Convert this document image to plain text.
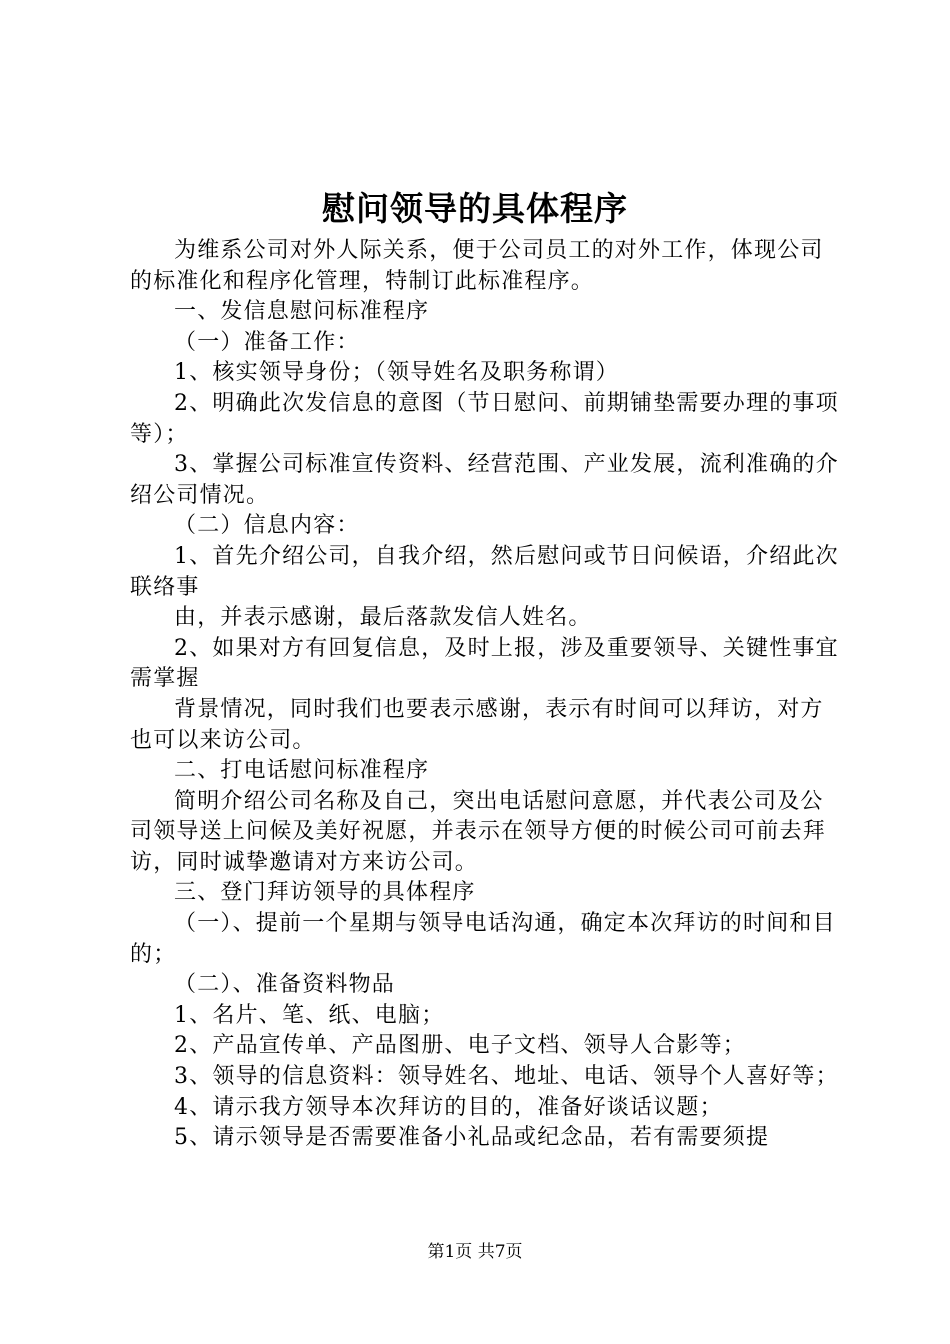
慰问领导的具体程序

为维系公司对外人际关系，便于公司员工的对外工作，体现公司的标准化和程序化管理，特制订此标准程序。

一、发信息慰问标准程序

（一）准备工作：

1、核实领导身份；（领导姓名及职务称谓）

2、明确此次发信息的意图（节日慰问、前期铺垫需要办理的事项等）；

3、掌握公司标准宣传资料、经营范围、产业发展，流利准确的介绍公司情况。

（二）信息内容：

1、首先介绍公司，自我介绍，然后慰问或节日问候语，介绍此次联络事

由，并表示感谢，最后落款发信人姓名。

2、如果对方有回复信息，及时上报，涉及重要领导、关键性事宜需掌握

背景情况，同时我们也要表示感谢，表示有时间可以拜访，对方也可以来访公司。

二、打电话慰问标准程序

简明介绍公司名称及自己，突出电话慰问意愿，并代表公司及公司领导送上问候及美好祝愿，并表示在领导方便的时候公司可前去拜访，同时诚挚邀请对方来访公司。

三、登门拜访领导的具体程序

（一）、提前一个星期与领导电话沟通，确定本次拜访的时间和目的；

（二）、准备资料物品

1、名片、笔、纸、电脑；

2、产品宣传单、产品图册、电子文档、领导人合影等；

3、领导的信息资料：领导姓名、地址、电话、领导个人喜好等；

4、请示我方领导本次拜访的目的，准备好谈话议题；

5、请示领导是否需要准备小礼品或纪念品，若有需要须提

第1页 共7页
